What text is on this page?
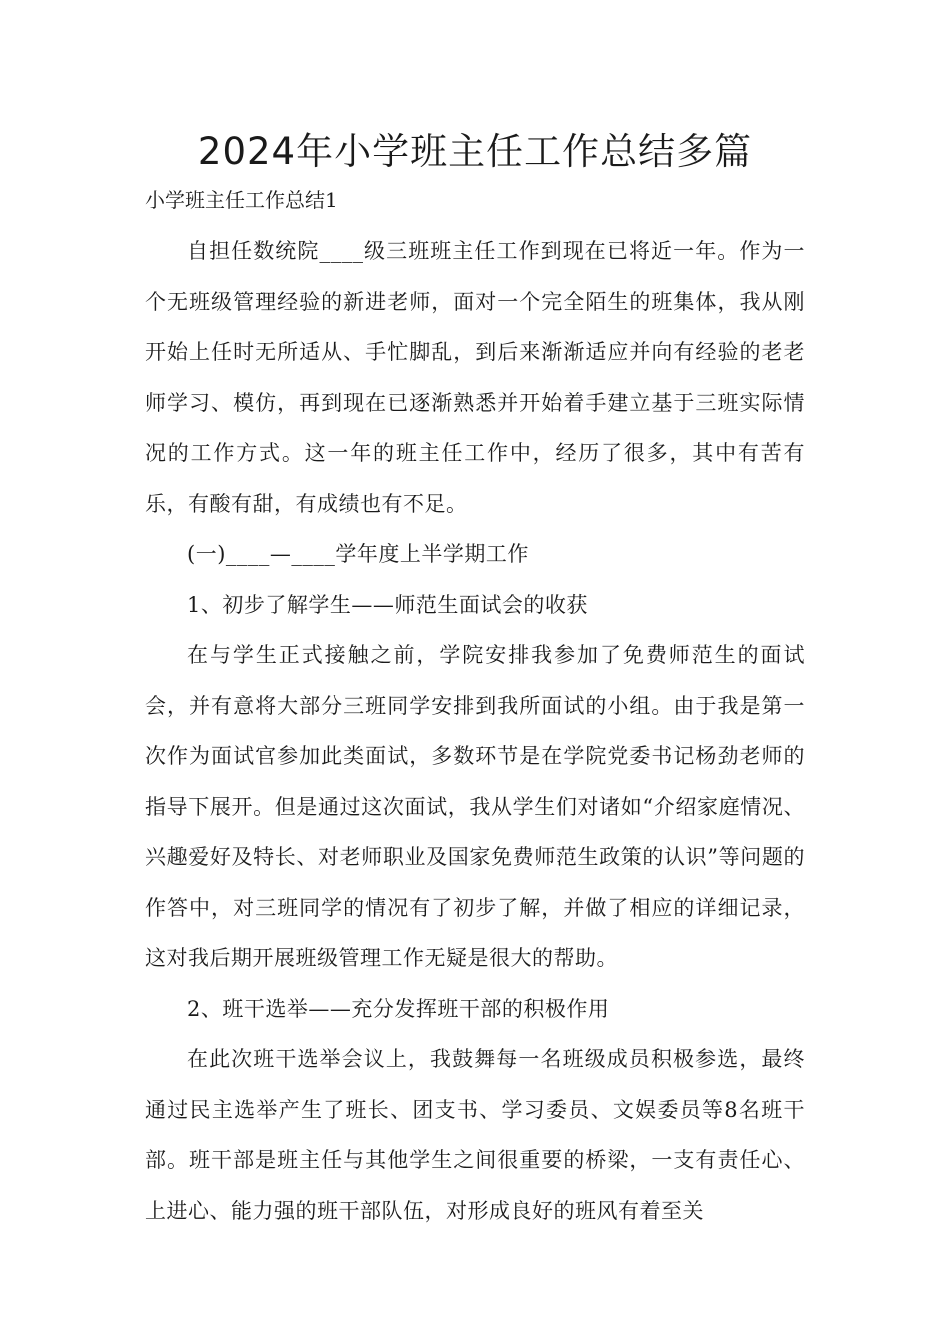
2024年小学班主任工作总结多篇

小学班主任工作总结1

自担任数统院____级三班班主任工作到现在已将近一年。作为一个无班级管理经验的新进老师，面对一个完全陌生的班集体，我从刚开始上任时无所适从、手忙脚乱，到后来渐渐适应并向有经验的老老师学习、模仿，再到现在已逐渐熟悉并开始着手建立基于三班实际情况的工作方式。这一年的班主任工作中，经历了很多，其中有苦有乐，有酸有甜，有成绩也有不足。

(一)____—____学年度上半学期工作

1、初步了解学生——师范生面试会的收获

在与学生正式接触之前，学院安排我参加了免费师范生的面试会，并有意将大部分三班同学安排到我所面试的小组。由于我是第一次作为面试官参加此类面试，多数环节是在学院党委书记杨劲老师的指导下展开。但是通过这次面试，我从学生们对诸如“介绍家庭情况、兴趣爱好及特长、对老师职业及国家免费师范生政策的认识”等问题的作答中，对三班同学的情况有了初步了解，并做了相应的详细记录，这对我后期开展班级管理工作无疑是很大的帮助。

2、班干选举——充分发挥班干部的积极作用

在此次班干选举会议上，我鼓舞每一名班级成员积极参选，最终通过民主选举产生了班长、团支书、学习委员、文娱委员等8名班干部。班干部是班主任与其他学生之间很重要的桥梁，一支有责任心、上进心、能力强的班干部队伍，对形成良好的班风有着至关
